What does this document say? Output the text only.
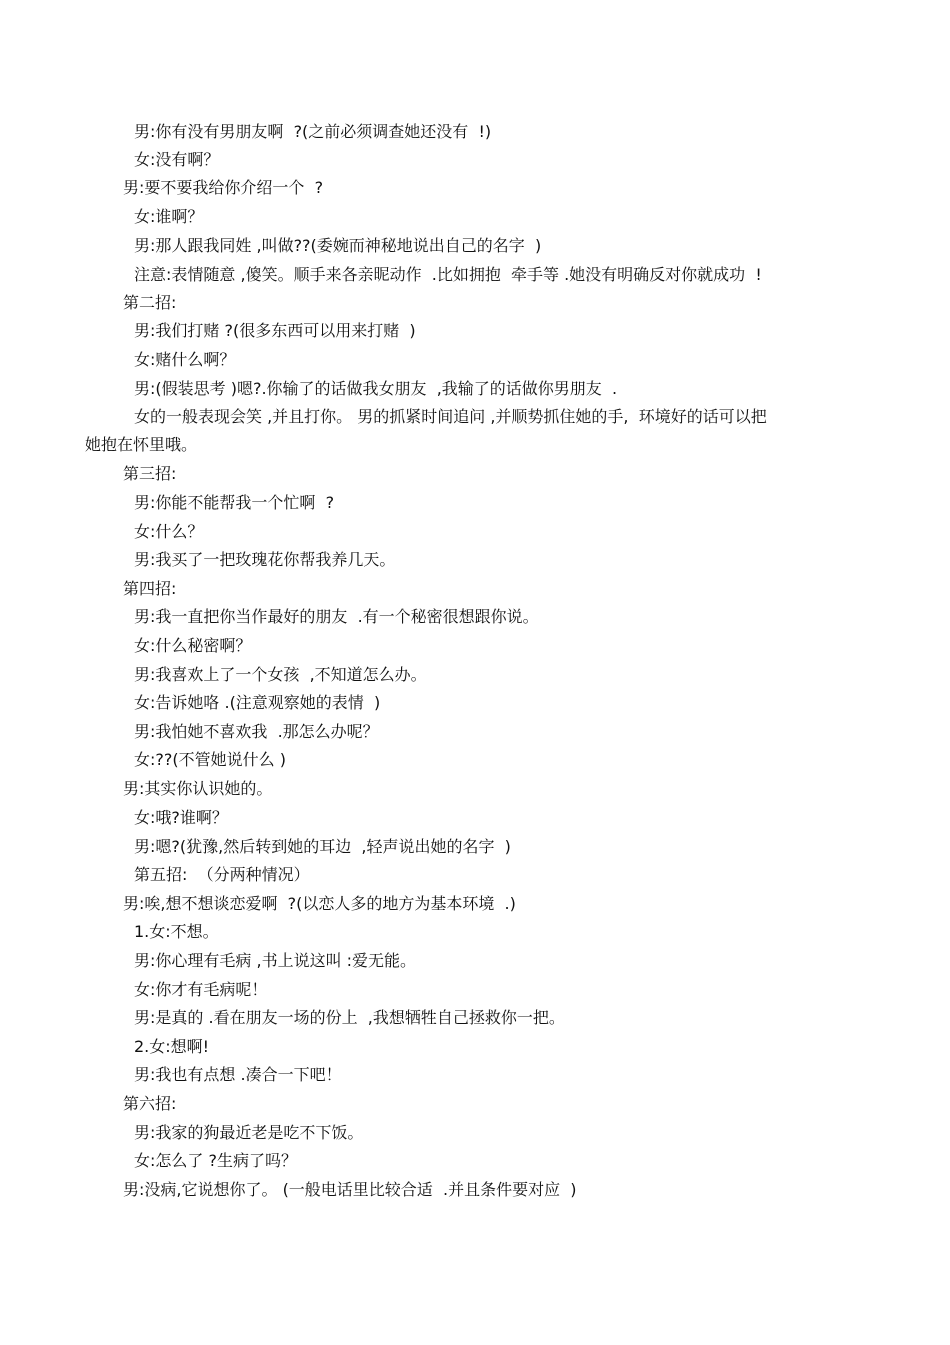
男:你有没有男朋友啊  ?(之前必须调查她还没有  !)
女:没有啊？
男:要不要我给你介绍一个  ?
女:谁啊？
男:那人跟我同姓 ,叫做??(委婉而神秘地说出自己的名字  )
注意:表情随意 ,傻笑。顺手来各亲昵动作  .比如拥抱  牵手等 .她没有明确反对你就成功  !
第二招:
男:我们打赌 ?(很多东西可以用来打赌  )
女:赌什么啊？
男:(假装思考 )嗯?.你输了的话做我女朋友  ,我输了的话做你男朋友  .
女的一般表现会笑 ,并且打你。 男的抓紧时间追问 ,并顺势抓住她的手,  环境好的话可以把
她抱在怀里哦。
第三招:
男:你能不能帮我一个忙啊  ?
女:什么？
男:我买了一把玫瑰花你帮我养几天。
第四招:
男:我一直把你当作最好的朋友  .有一个秘密很想跟你说。
女:什么秘密啊？
男:我喜欢上了一个女孩  ,不知道怎么办。
女:告诉她咯 .(注意观察她的表情  )
男:我怕她不喜欢我  .那怎么办呢？
女:??(不管她说什么 )
男:其实你认识她的。
女:哦?谁啊？
男:嗯?(犹豫,然后转到她的耳边  ,轻声说出她的名字  )
第五招:  （分两种情况）
男:唉,想不想谈恋爱啊  ?(以恋人多的地方为基本环境  .)
1.女:不想。
男:你心理有毛病 ,书上说这叫 :爱无能。
女:你才有毛病呢！
男:是真的 .看在朋友一场的份上  ,我想牺牲自己拯救你一把。
2.女:想啊!
男:我也有点想 .凑合一下吧！
第六招:
男:我家的狗最近老是吃不下饭。
女:怎么了 ?生病了吗？
男:没病,它说想你了。 (一般电话里比较合适  .并且条件要对应  )
